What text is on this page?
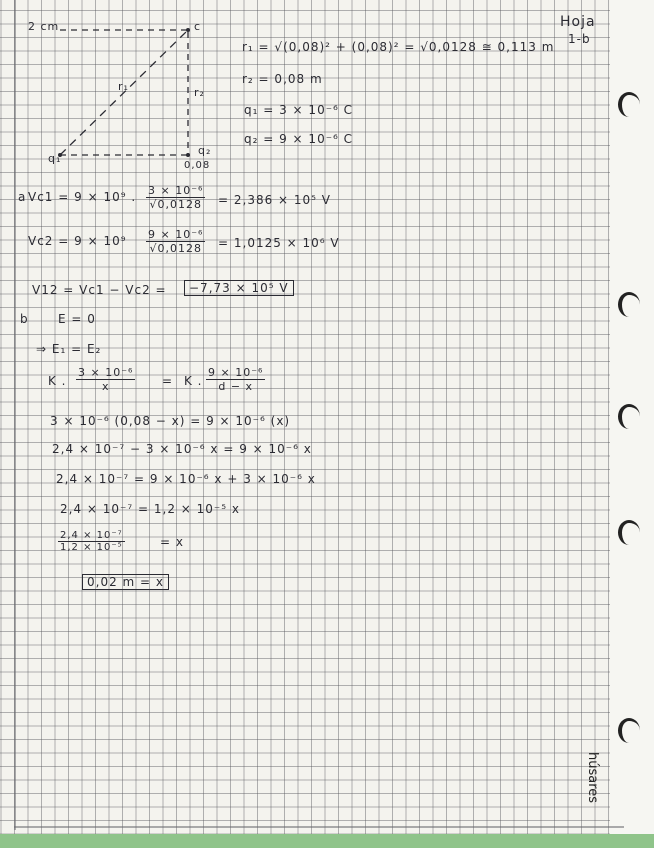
Hoja
1-b
2 cm	c
r₁	r₂
q₁
q₂
0,08
r₁ = √(0,08)² + (0,08)² = √0,0128 ≅ 0,113 m
r₂ = 0,08 m
q₁ = 3 × 10⁻⁶ C
q₂ = 9 × 10⁻⁶ C
a Vc1 = 9 × 10⁹ . $\frac{\text{3 × 10⁻⁶}}{√0,0128} = 2,386 \times 10^5$ V
$Vc2 = 9 \times 10^9 \frac{\text{9 × 10⁻⁶}}{√0,0128} = 1,0125 \times 10^6$ V
V12 = Vc1 − Vc2 =	−7,73 × 10⁵ V
b E = 0
⇒ E₁ = E₂
K . $\frac{\text{3 × 10⁻⁶}}{x} = K$ . $\frac{\text{9 × 10⁻⁶}}{d - x}$
3 × 10⁻⁶ (0,08 − x) = 9 × 10⁻⁶ (x)
2,4 × 10⁻⁷ − 3 × 10⁻⁶ x = 9 × 10⁻⁶ x
2,4 × 10⁻⁷ = 9 × 10⁻⁶ x + 3 × 10⁻⁶ x
2,4 × 10⁻⁷ = 1,2 × 10⁻⁵ x
$\frac{\text{2,4 × 10⁻⁷}}{\text{1,2 × 10⁻⁵}}$	= x
0,02 m = x
húsares
